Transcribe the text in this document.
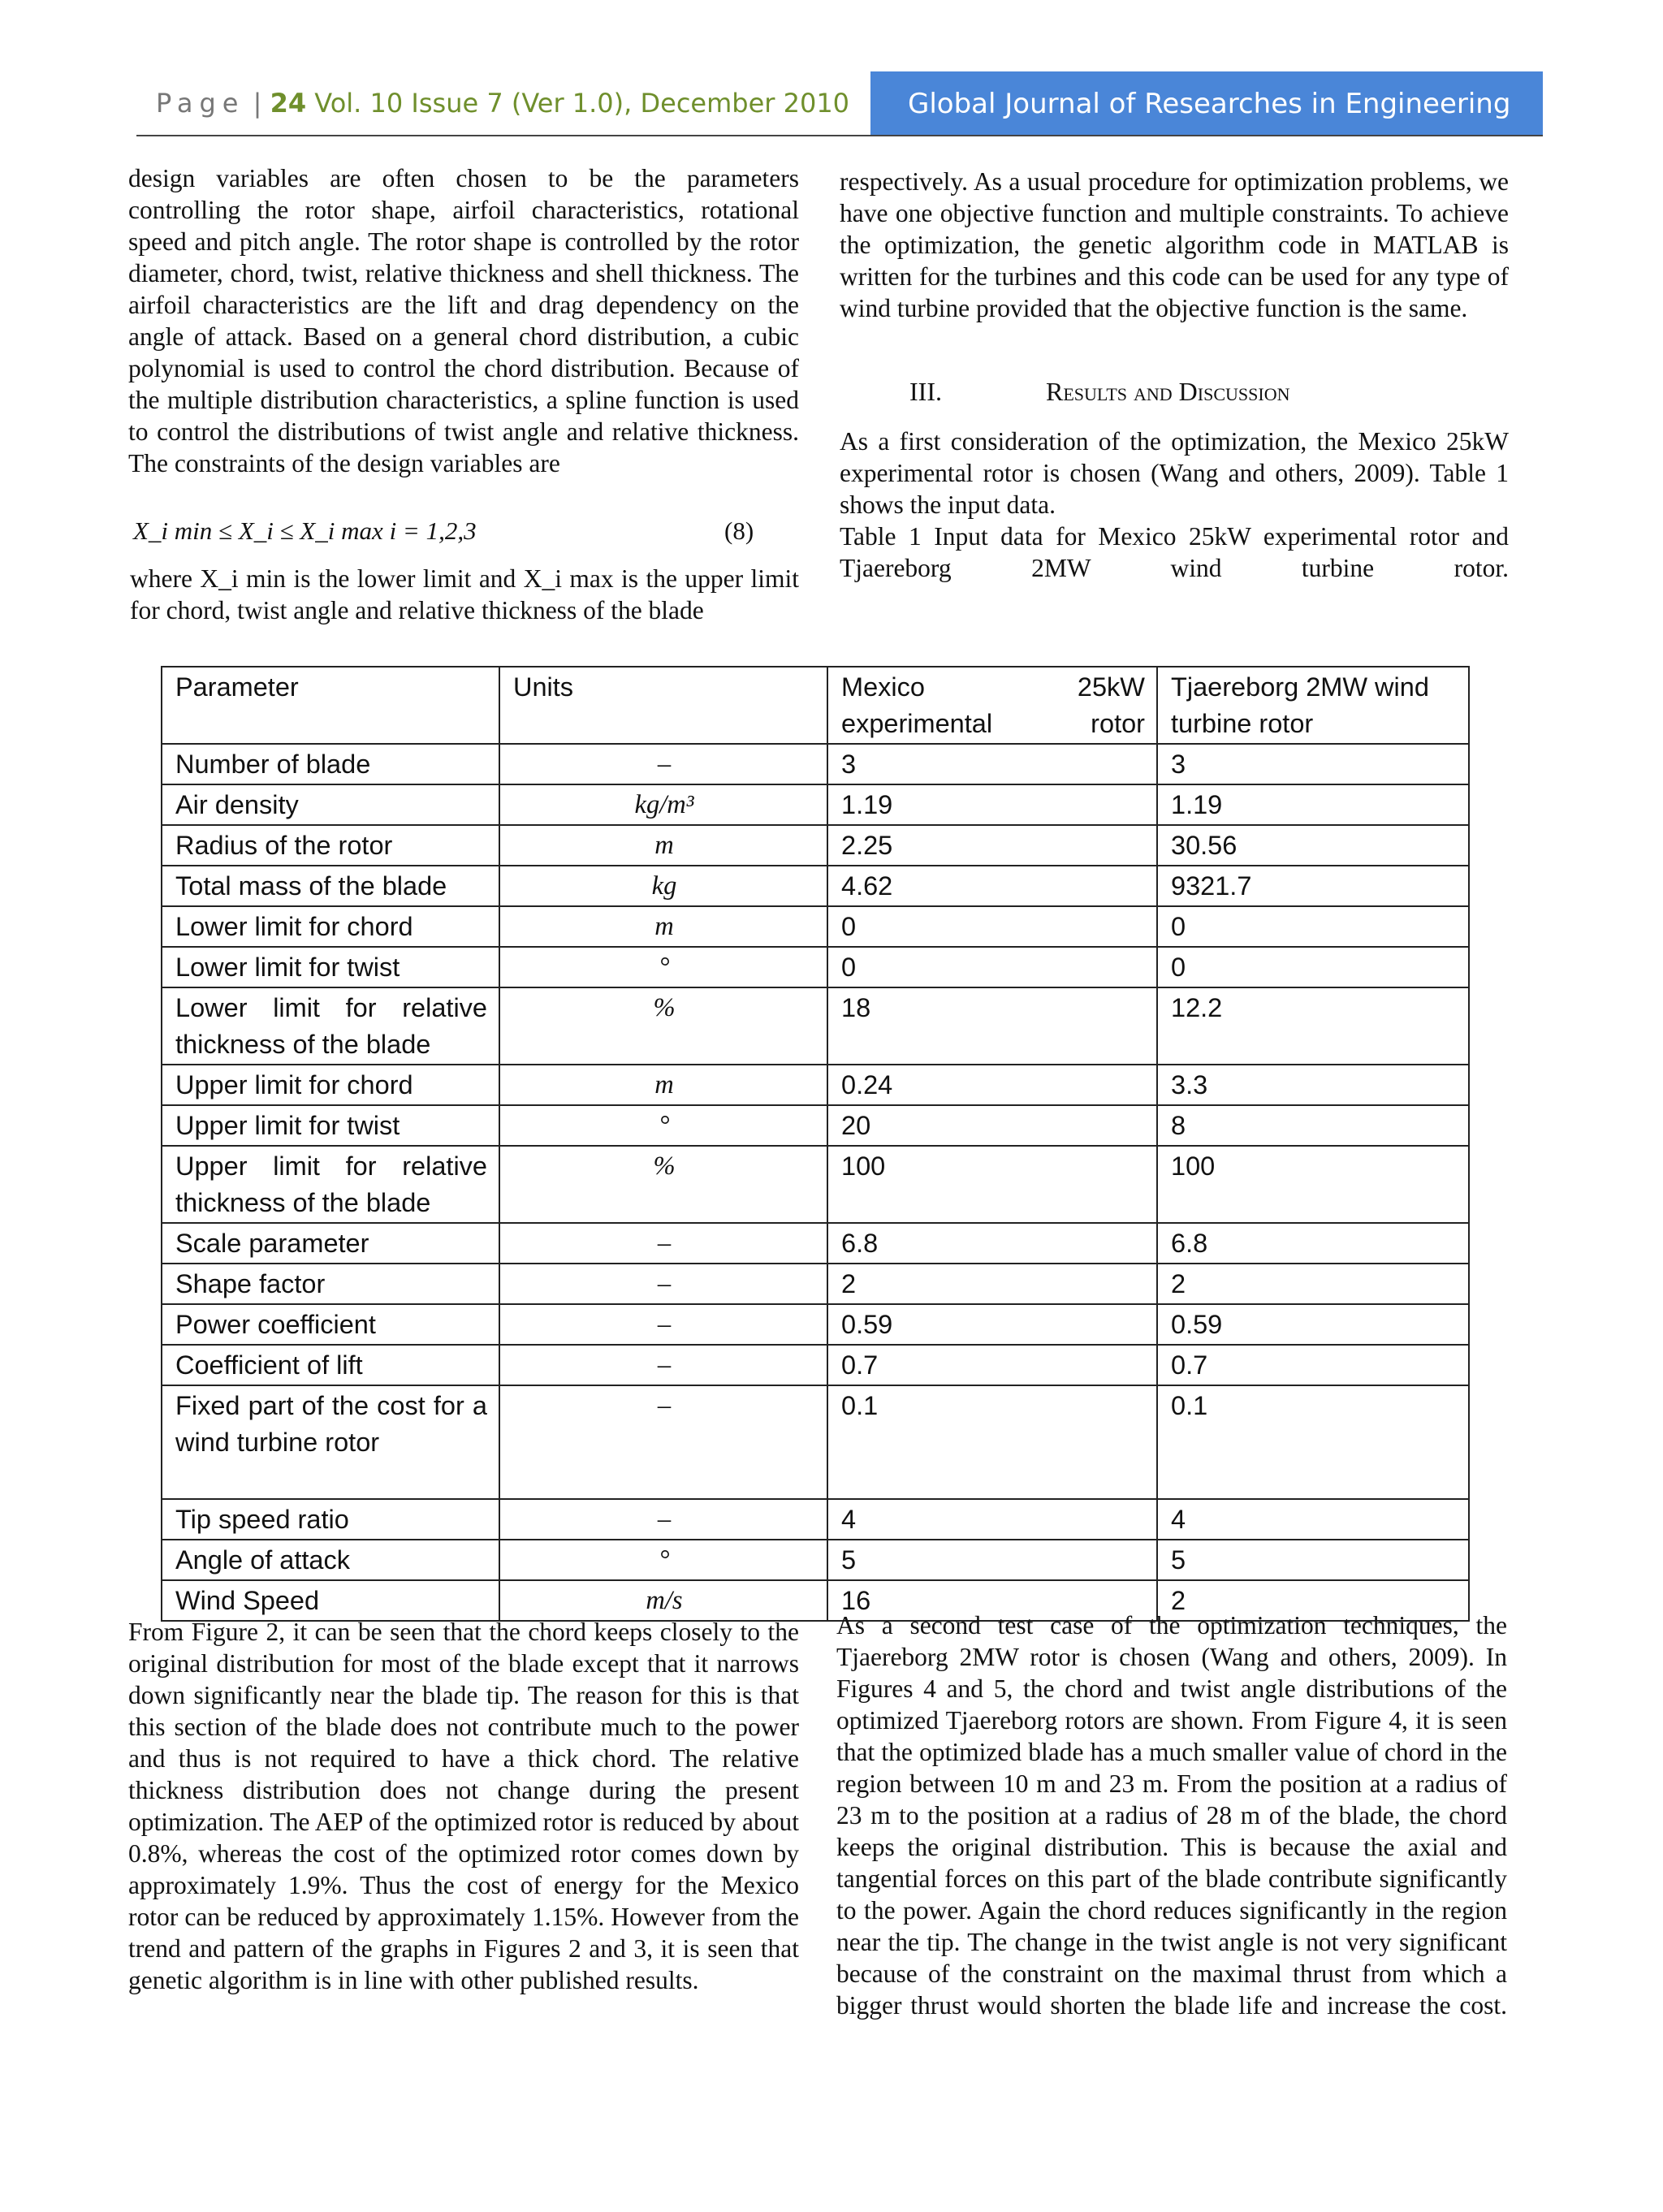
Page | 24 Vol. 10 Issue 7 (Ver 1.0), December 2010	Global Journal of Researches in Engineering

design variables are often chosen to be the parameters controlling the rotor shape, airfoil characteristics, rotational speed and pitch angle. The rotor shape is controlled by the rotor diameter, chord, twist, relative thickness and shell thickness. The airfoil characteristics are the lift and drag dependency on the angle of attack. Based on a general chord distribution, a cubic polynomial is used to control the chord distribution. Because of the multiple distribution characteristics, a spline function is used to control the distributions of twist angle and relative thickness. The constraints of the design variables are

X_i min ≤ X_i ≤ X_i max i = 1,2,3	(8)

where X_i min is the lower limit and X_i max is the upper limit for chord, twist angle and relative thickness of the blade

respectively. As a usual procedure for optimization problems, we have one objective function and multiple constraints. To achieve the optimization, the genetic algorithm code in MATLAB is written for the turbines and this code can be used for any type of wind turbine provided that the objective function is the same.

III.	Results and Discussion

As a first consideration of the optimization, the Mexico 25kW experimental rotor is chosen (Wang and others, 2009). Table 1 shows the input data.

Table 1 Input data for Mexico 25kW experimental rotor and Tjaereborg 2MW wind turbine rotor.

Parameter	Units	Mexico 25kW experimental rotor	Tjaereborg 2MW wind turbine rotor
Number of blade	–	3	3
Air density	kg/m³	1.19	1.19
Radius of the rotor	m	2.25	30.56
Total mass of the blade	kg	4.62	9321.7
Lower limit for chord	m	0	0
Lower limit for twist	°	0	0
Lower limit for relative thickness of the blade	%	18	12.2
Upper limit for chord	m	0.24	3.3
Upper limit for twist	°	20	8
Upper limit for relative thickness of the blade	%	100	100
Scale parameter	–	6.8	6.8
Shape factor	–	2	2
Power coefficient	–	0.59	0.59
Coefficient of lift	–	0.7	0.7
Fixed part of the cost for a wind turbine rotor	–	0.1	0.1
Tip speed ratio	–	4	4
Angle of attack	°	5	5
Wind Speed	m/s	16	2

From Figure 2, it can be seen that the chord keeps closely to the original distribution for most of the blade except that it narrows down significantly near the blade tip. The reason for this is that this section of the blade does not contribute much to the power and thus is not required to have a thick chord. The relative thickness distribution does not change during the present optimization. The AEP of the optimized rotor is reduced by about 0.8%, whereas the cost of the optimized rotor comes down by approximately 1.9%. Thus the cost of energy for the Mexico rotor can be reduced by approximately 1.15%. However from the trend and pattern of the graphs in Figures 2 and 3, it is seen that genetic algorithm is in line with other published results.

As a second test case of the optimization techniques, the Tjaereborg 2MW rotor is chosen (Wang and others, 2009). In Figures 4 and 5, the chord and twist angle distributions of the optimized Tjaereborg rotors are shown. From Figure 4, it is seen that the optimized blade has a much smaller value of chord in the region between 10 m and 23 m. From the position at a radius of 23 m to the position at a radius of 28 m of the blade, the chord keeps the original distribution. This is because the axial and tangential forces on this part of the blade contribute significantly to the power. Again the chord reduces significantly in the region near the tip. The change in the twist angle is not very significant because of the constraint on the maximal thrust from which a bigger thrust would shorten the blade life and increase the cost.
